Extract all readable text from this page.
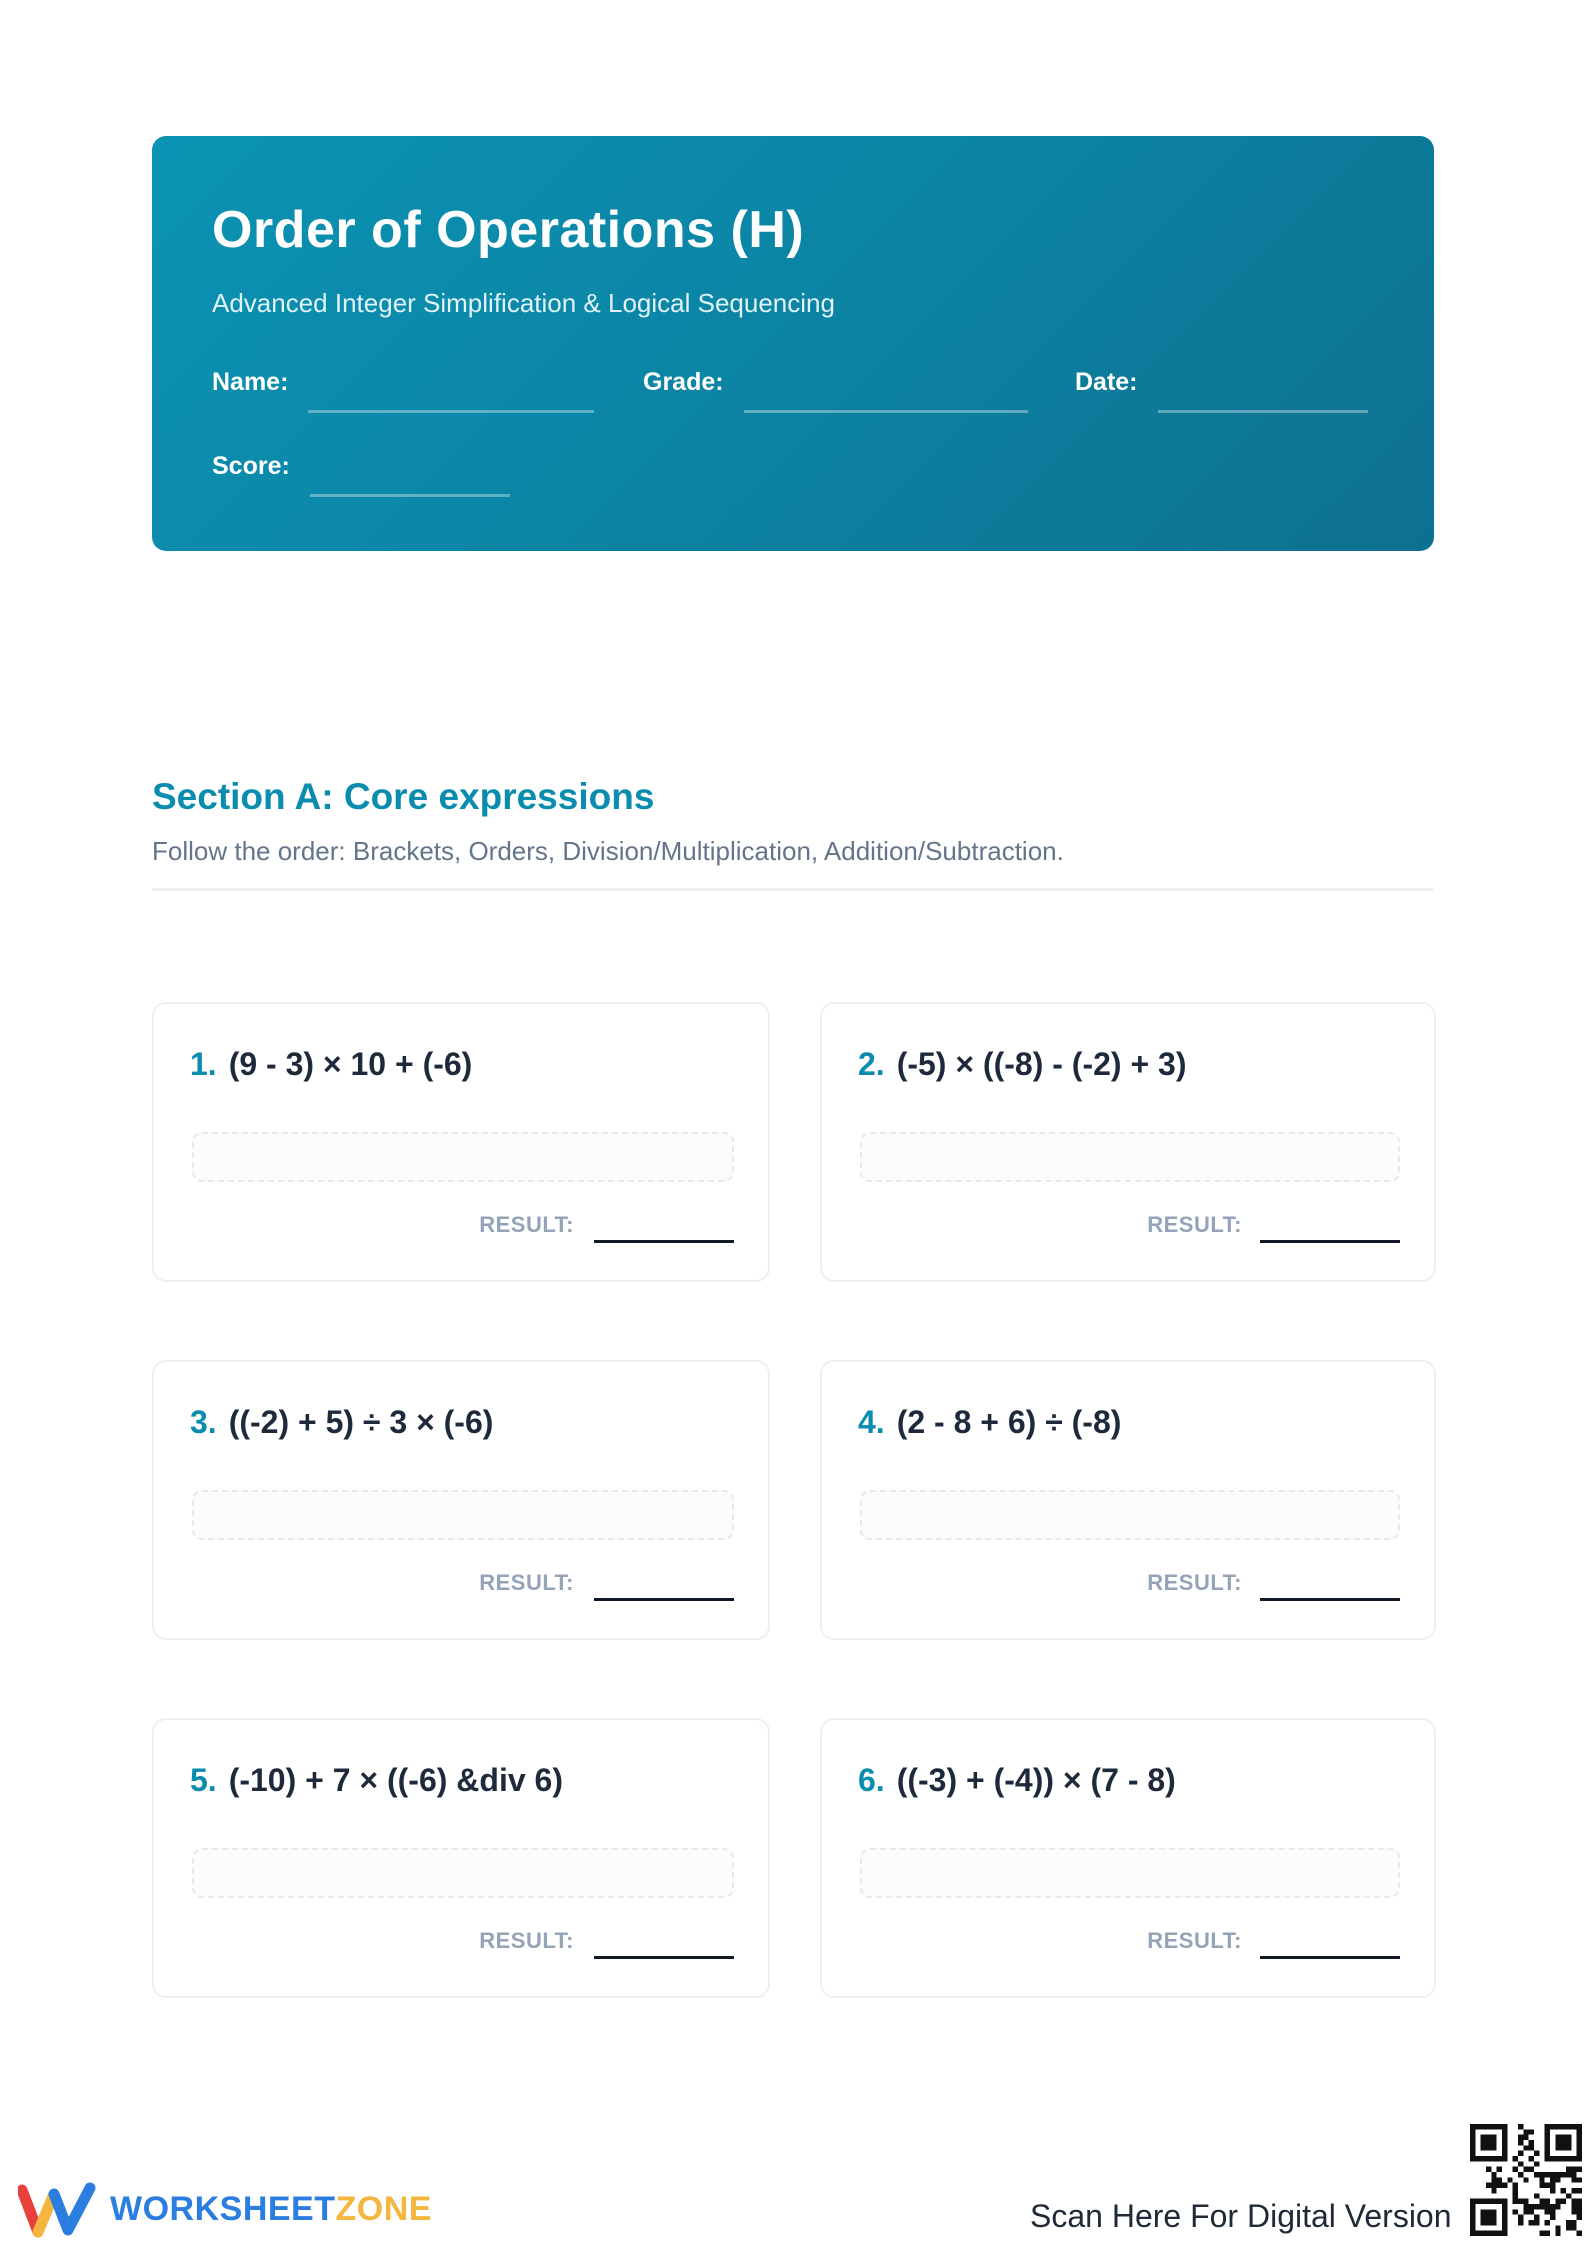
Order of Operations (H)
Advanced Integer Simplification & Logical Sequencing
Name:	Grade:	Date:
Score:
Section A: Core expressions
Follow the order: Brackets, Orders, Division/Multiplication, Addition/Subtraction.
1. (9 - 3) × 10 + (-6)
RESULT:
2. (-5) × ((-8) - (-2) + 3)
RESULT:
3. ((-2) + 5) ÷ 3 × (-6)
RESULT:
4. (2 - 8 + 6) ÷ (-8)
RESULT:
5. (-10) + 7 × ((-6) &div 6)
RESULT:
6. ((-3) + (-4)) × (7 - 8)
RESULT:
WORKSHEETZONE	Scan Here For Digital Version
